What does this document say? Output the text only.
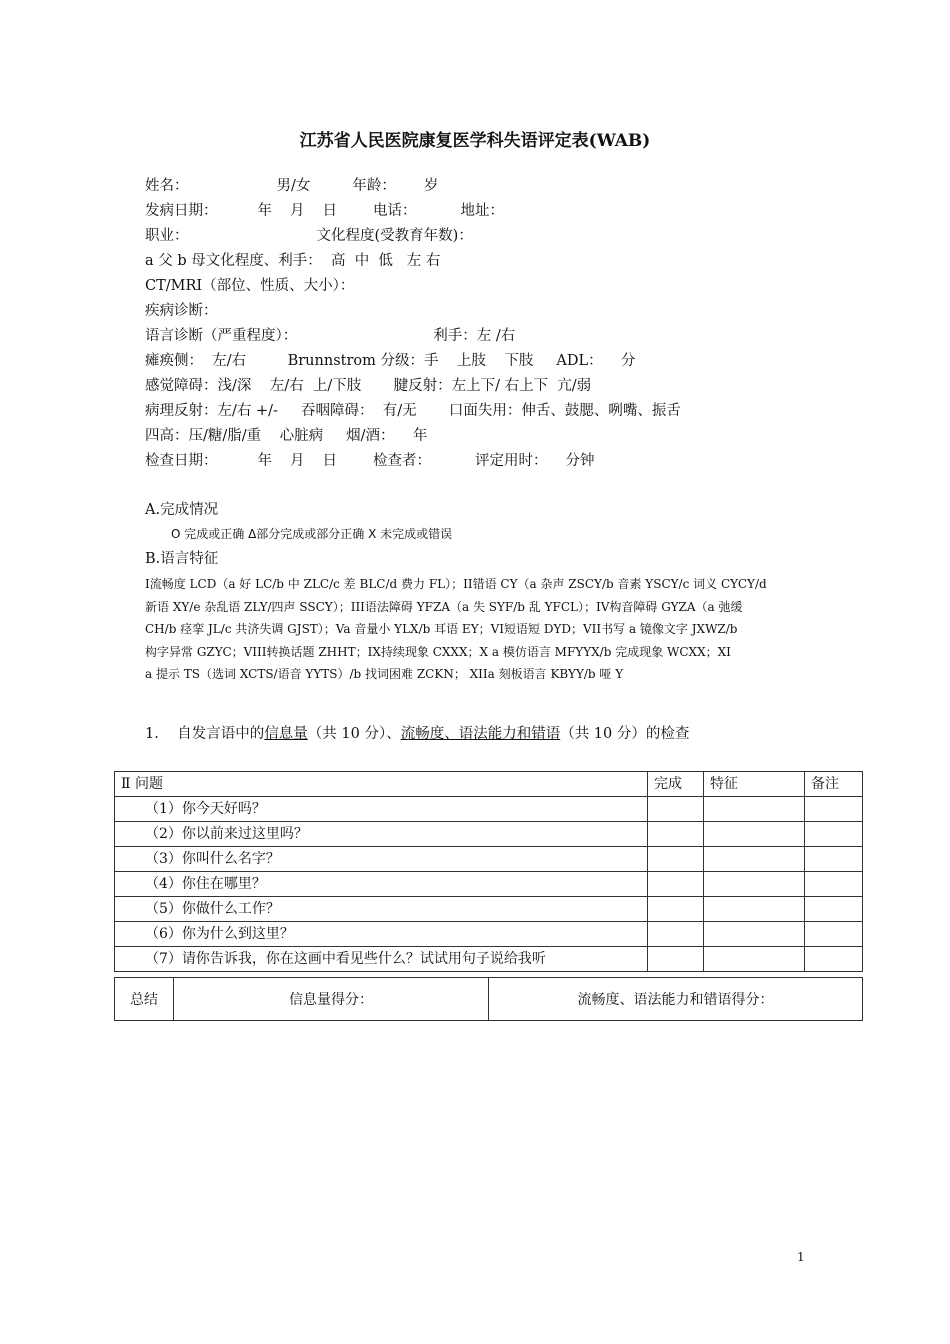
江苏省人民医院康复医学科失语评定表(WAB)
姓名：	男/女	年龄： 岁
发病日期：	年 月 日 电话：	地址：
职业：	文化程度(受教育年数)：
a 父 b 母文化程度、利手：  高  中  低   左 右
CT/MRI（部位、性质、大小）：
疾病诊断：
语言诊断（严重程度）：	利手：左 /右
瘫痪侧：  左/右         Brunnstrom 分级：手    上肢    下肢     ADL：    分
感觉障碍：浅/深    左/右  上/下肢       腱反射：左上下/ 右上下  亢/弱
病理反射：左/右 +/-     吞咽障碍：  有/无       口面失用：伸舌、鼓腮、咧嘴、振舌
四高：压/糖/脂/重    心脏病     烟/酒：    年
检查日期：	年 月 日 检查者：	评定用时： 分钟
A.完成情况
O 完成或正确 Δ部分完成或部分正确 X 未完成或错误
B.语言特征
I流畅度 LCD（a 好 LC/b 中 ZLC/c 差 BLC/d 费力 FL）；II错语 CY（a 杂声 ZSCY/b 音素 YSCY/c 词义 CYCY/d
新语 XY/e 杂乱语 ZLY/四声 SSCY）；III语法障碍 YFZA（a 失 SYF/b 乱 YFCL）；IV构音障碍 GYZA（a 弛缓
CH/b 痉挛 JL/c 共济失调 GJST）；Va 音量小 YLX/b 耳语 EY；VI短语短 DYD；VII书写 a 镜像文字 JXWZ/b
构字异常 GZYC；VIII转换话题 ZHHT；IX持续现象 CXXX；X a 模仿语言 MFYYX/b 完成现象 WCXX；XI
a 提示 TS（选词 XCTS/语音 YYTS）/b 找词困难 ZCKN； XIIa 刻板语言 KBYY/b 哑 Y
1. 自发言语中的信息量（共 10 分）、流畅度、语法能力和错语（共 10 分）的检查
Ⅱ 问题	完成	特征	备注
（1）你今天好吗？			
（2）你以前来过这里吗？			
（3）你叫什么名字？			
（4）你住在哪里？			
（5）你做什么工作？			
（6）你为什么到这里？			
（7）请你告诉我，你在这画中看见些什么？试试用句子说给我听			
总结	信息量得分：	流畅度、语法能力和错语得分：
1
